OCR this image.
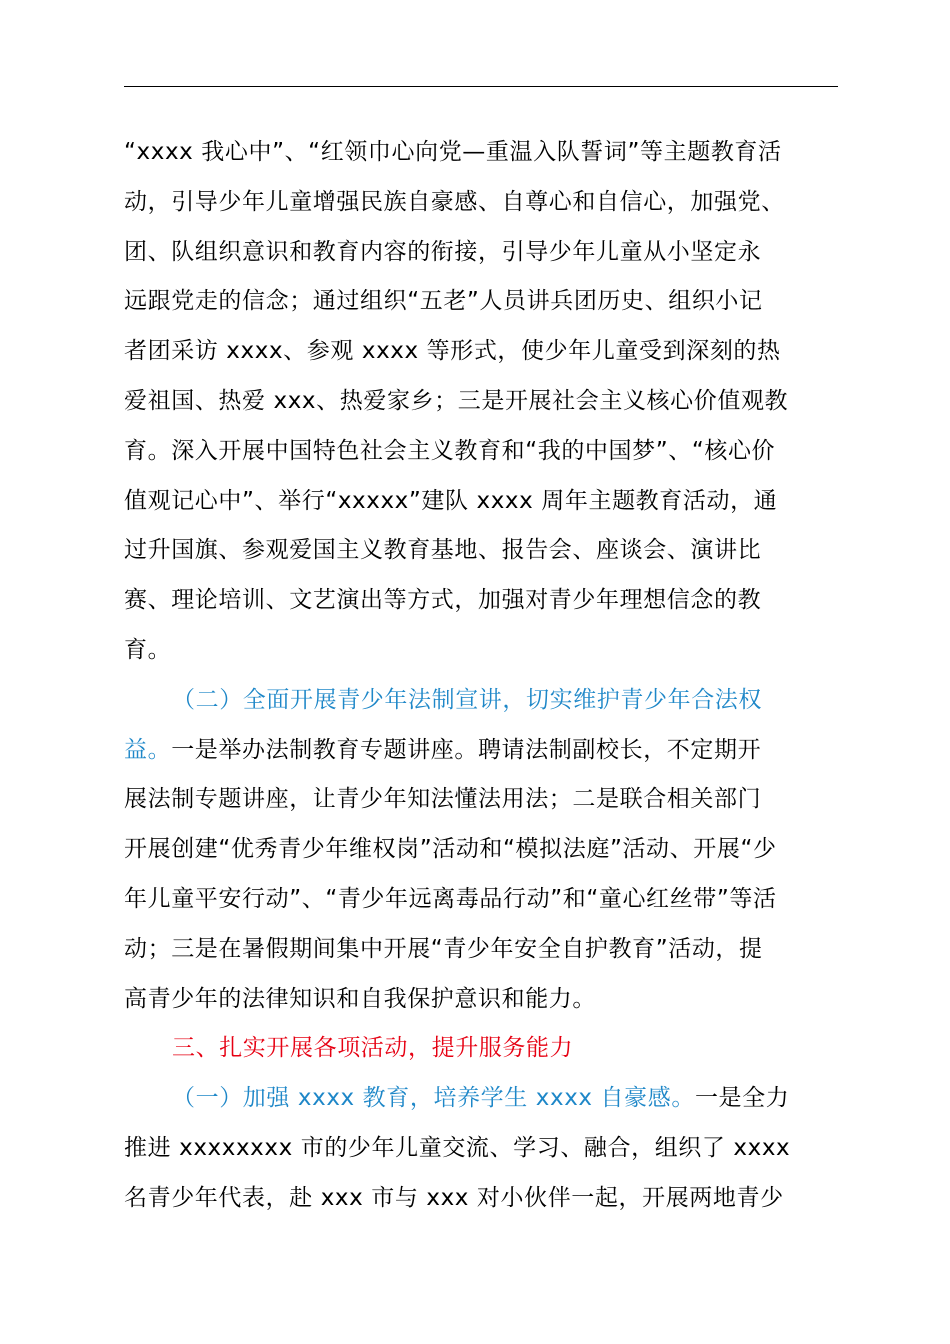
“xxxx 我心中”、“红领巾心向党—重温入队誓词”等主题教育活
动，引导少年儿童增强民族自豪感、自尊心和自信心，加强党、
团、队组织意识和教育内容的衔接，引导少年儿童从小坚定永
远跟党走的信念；通过组织“五老”人员讲兵团历史、组织小记
者团采访 xxxx、参观 xxxx 等形式，使少年儿童受到深刻的热
爱祖国、热爱 xxx、热爱家乡；三是开展社会主义核心价值观教
育。深入开展中国特色社会主义教育和“我的中国梦”、“核心价
值观记心中”、举行“xxxxx”建队 xxxx 周年主题教育活动，通
过升国旗、参观爱国主义教育基地、报告会、座谈会、演讲比
赛、理论培训、文艺演出等方式，加强对青少年理想信念的教
育。
（二）全面开展青少年法制宣讲，切实维护青少年合法权
益。一是举办法制教育专题讲座。聘请法制副校长，不定期开
展法制专题讲座，让青少年知法懂法用法；二是联合相关部门
开展创建“优秀青少年维权岗”活动和“模拟法庭”活动、开展“少
年儿童平安行动”、“青少年远离毒品行动”和“童心红丝带”等活
动；三是在暑假期间集中开展“青少年安全自护教育”活动，提
高青少年的法律知识和自我保护意识和能力。
三、扎实开展各项活动，提升服务能力
（一）加强 xxxx 教育，培养学生 xxxx 自豪感。一是全力
推进 xxxxxxxx 市的少年儿童交流、学习、融合，组织了 xxxx
名青少年代表，赴 xxx 市与 xxx 对小伙伴一起，开展两地青少
